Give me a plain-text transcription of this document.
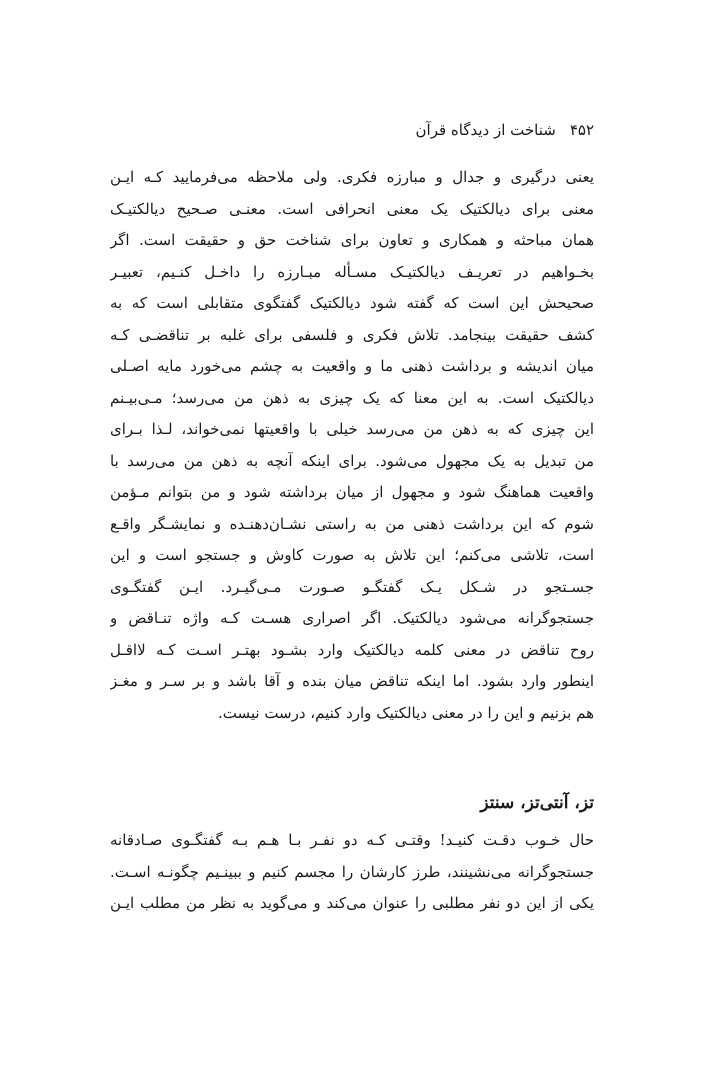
۴۵۲شناخت از دیدگاه قرآن
یعنی درگیری و جدال و مبارزه فکری. ولی ملاحظه می‌فرمایید کـه ایـن
معنی برای دیالکتیک یک معنی انحرافی است. معنـی صـحیح دیالکتیـک
همان مباحثه و همکاری و تعاون برای شناخت حق و حقیقت است. اگر
بخـواهیم در تعریـف دیالکتیـک مسـأله مبـارزه را داخـل کنـیم، تعبیـر
صحیحش این است که گفته شود دیالکتیک گفتگوی متقابلی است که به
کشف حقیقت بینجامد. تلاش فکری و فلسفی برای غلبه بر تناقضـی کـه
میان اندیشه و برداشت ذهنی ما و واقعیت به چشم می‌خورد مایه اصـلی
دیالکتیک است. به این معنا که یک چیزی به ذهن من می‌رسد؛ مـی‌بیـنم
این چیزی که به ذهن من می‌رسد خیلی با واقعیتها نمی‌خواند، لـذا بـرای
من تبدیل به یک مجهول می‌شود. برای اینکه آنچه به ذهن من می‌رسد با
واقعیت هماهنگ شود و مجهول از میان برداشته شود و من بتوانم مـؤمن
شوم که این برداشت ذهنی من به راستی نشـان‌دهنـده و نمایشـگر واقـع
است، تلاشی می‌کنم؛ این تلاش به صورت کاوش و جستجو است و این
جسـتجو در شـکل یـک گفتگـو صـورت مـی‌گیـرد. ایـن گفتگـوی
جستجوگرانه می‌شود دیالکتیک. اگر اصراری هسـت کـه واژه تنـاقض و
روح تناقض در معنی کلمه دیالکتیک وارد بشـود بهتـر اسـت کـه لااقـل
اینطور وارد بشود. اما اینکه تناقض میان بنده و آقا باشد و بر سـر و مغـز
هم بزنیم و این را در معنی دیالکتیک وارد کنیم، درست نیست.
تز، آنتی‌تز، سنتز
حال خـوب دقـت کنیـد! وقتـی کـه دو نفـر بـا هـم بـه گفتگـوی صـادقانه
جستجوگرانه می‌نشینند، طرز کارشان را مجسم کنیم و ببینـیم چگونـه اسـت.
یکی از این دو نفر مطلبی را عنوان می‌کند و می‌گوید به نظر من مطلب ایـن
